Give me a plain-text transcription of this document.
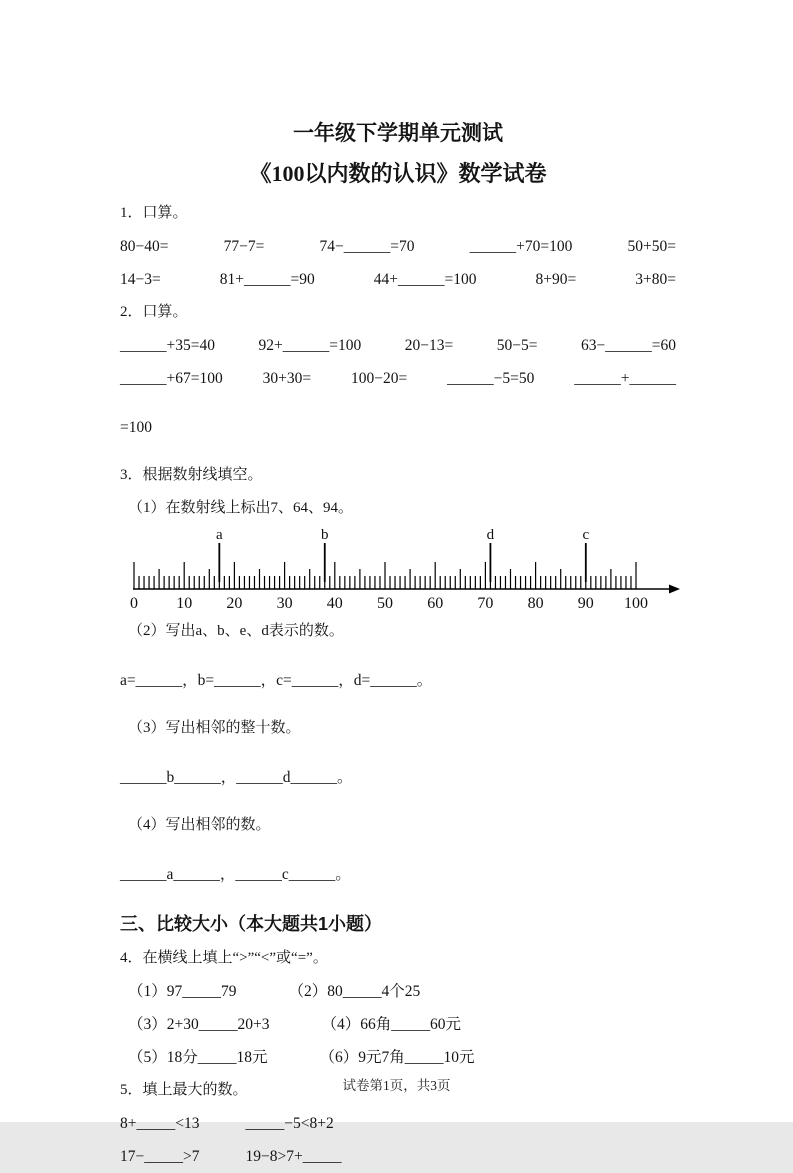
一年级下学期单元测试
《100以内数的认识》数学试卷

1．口算。

80−40=	77−7=	74−______=70	______+70=100	50+50=
14−3=	81+______=90	44+______=100	8+90=	3+80=

2．口算。

______+35=40	92+______=100	20−13=	50−5=	63−______=60
______+67=100	30+30=	100−20=	______−5=50	______+______

=100

3．根据数射线填空。

（1）在数射线上标出7、64、94。

0 10 20 30 40 50 60 70 80 90 100
a	b	d	c

（2）写出a、b、e、d表示的数。

a=______，b=______，c=______，d=______。

（3）写出相邻的整十数。

______b______，______d______。

（4）写出相邻的数。

______a______，______c______。

三、比较大小（本大题共1小题）

4．在横线上填上“>”“<”或“=”。

（1）97_____79	（2）80_____4个25
（3）2+30_____20+3	（4）66角_____60元
（5）18分_____18元	（6）9元7角_____10元

5．填上最大的数。

8+_____<13	_____−5<8+2
17−_____>7	19−8>7+_____
试卷第1页，共3页
